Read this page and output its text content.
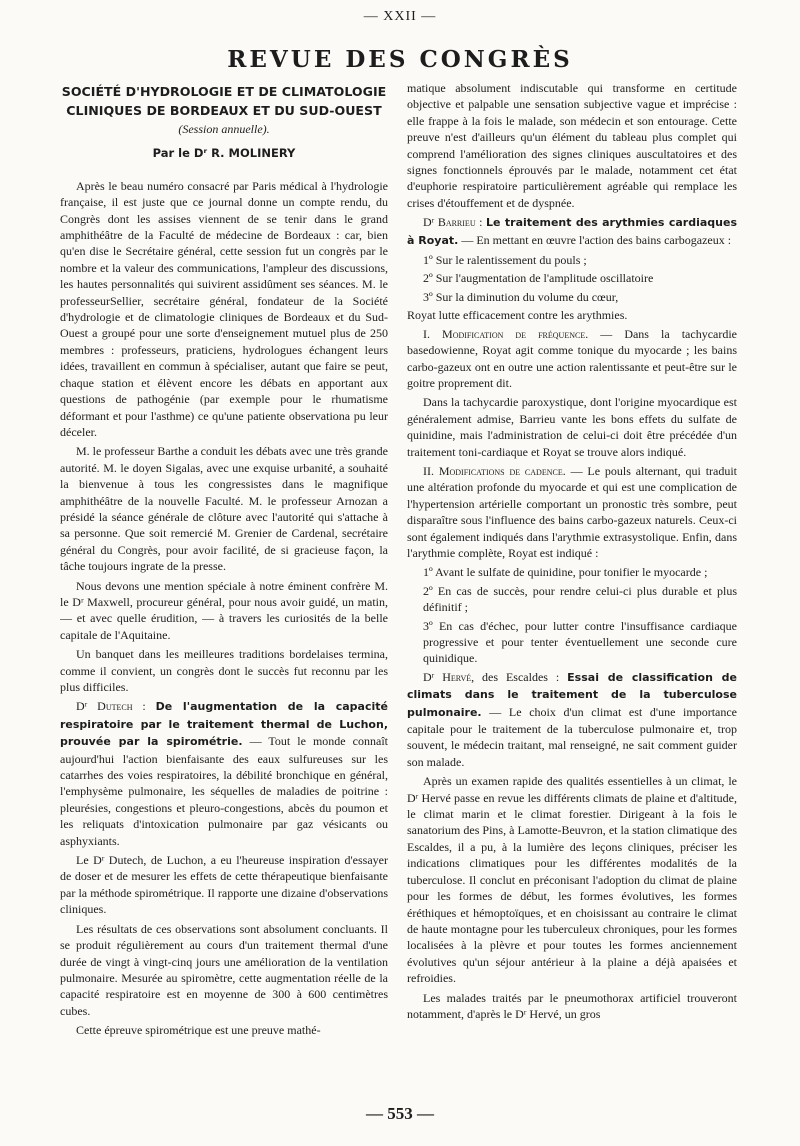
— XXII —
REVUE DES CONGRÈS
SOCIÉTÉ D'HYDROLOGIE ET DE CLIMATOLOGIE
CLINIQUES DE BORDEAUX ET DU SUD-OUEST
(Session annuelle).
Par le Dʳ R. MOLINERY

Après le beau numéro consacré par Paris médical à l'hydrologie française, il est juste que ce journal donne un compte rendu, du Congrès dont les assises viennent de se tenir dans le grand amphithéâtre de la Faculté de médecine de Bordeaux : car, bien qu'en dise le Secrétaire général, cette session fut un congrès par le nombre et la valeur des communications, l'ampleur des discussions, les hautes personnalités qui suivirent assidûment ses séances. M. le professeurSellier, secrétaire général, fondateur de la Société d'hydrologie et de climatologie cliniques de Bordeaux et du Sud-Ouest a groupé pour une sorte d'enseignement mutuel plus de 250 membres : professeurs, praticiens, hydrologues échangent leurs idées, travaillent en commun à spécialiser, autant que faire se peut, chaque station et élèvent encore les débats en apportant aux questions de pathogénie (par exemple pour le rhumatisme déformant et pour l'asthme) ce qu'une patiente observationa pu leur déceler.

M. le professeur Barthe a conduit les débats avec une très grande autorité. M. le doyen Sigalas, avec une exquise urbanité, a souhaité la bienvenue à tous les congressistes dans le magnifique amphithéâtre de la nouvelle Faculté. M. le professeur Arnozan a présidé la séance générale de clôture avec l'autorité qui s'attache à sa personne. Que soit remercié M. Grenier de Cardenal, secrétaire général du Congrès, pour avoir facilité, de si gracieuse façon, la tâche toujours ingrate de la presse.

Nous devons une mention spéciale à notre éminent confrère M. le Dʳ Maxwell, procureur général, pour nous avoir guidé, un matin, — et avec quelle érudition, — à travers les curiosités de la belle capitale de l'Aquitaine.

Un banquet dans les meilleures traditions bordelaises termina, comme il convient, un congrès dont le succès fut reconnu par les plus difficiles.

Dʳ Dutech : De l'augmentation de la capacité respiratoire par le traitement thermal de Luchon, prouvée par la spirométrie. — Tout le monde connaît aujourd'hui l'action bienfaisante des eaux sulfureuses sur les catarrhes des voies respiratoires, la débilité bronchique en général, l'emphysème pulmonaire, les séquelles de maladies de poitrine : pleurésies, congestions et pleuro-congestions, abcès du poumon et les reliquats d'intoxication pulmonaire par gaz vésicants ou asphyxiants.

Le Dʳ Dutech, de Luchon, a eu l'heureuse inspiration d'essayer de doser et de mesurer les effets de cette thérapeutique bienfaisante par la méthode spirométrique. Il rapporte une dizaine d'observations cliniques.

Les résultats de ces observations sont absolument concluants. Il se produit régulièrement au cours d'un traitement thermal d'une durée de vingt à vingt-cinq jours une amélioration de la ventilation pulmonaire. Mesurée au spiromètre, cette augmentation réelle de la capacité respiratoire est en moyenne de 300 à 600 centimètres cubes.

Cette épreuve spirométrique est une preuve mathé-

matique absolument indiscutable qui transforme en certitude objective et palpable une sensation subjective vague et imprécise : elle frappe à la fois le malade, son médecin et son entourage. Cette preuve n'est d'ailleurs qu'un élément du tableau plus complet qui comprend l'amélioration des signes cliniques auscultatoires et des signes fonctionnels éprouvés par le malade, notamment cet état d'euphorie respiratoire particulièrement agréable qui remplace les crises d'étouffement et de dyspnée.

Dʳ Barrieu : Le traitement des arythmies cardiaques à Royat. — En mettant en œuvre l'action des bains carbogazeux :

1º Sur le ralentissement du pouls ;

2º Sur l'augmentation de l'amplitude oscillatoire

3º Sur la diminution du volume du cœur,

Royat lutte efficacement contre les arythmies.

I. Modification de fréquence. — Dans la tachycardie basedowienne, Royat agit comme tonique du myocarde ; les bains carbo-gazeux ont en outre une action ralentissante et peut-être sur le goitre proprement dit.

Dans la tachycardie paroxystique, dont l'origine myocardique est généralement admise, Barrieu vante les bons effets du sulfate de quinidine, mais l'administration de celui-ci doit être précédée d'un traitement toni-cardiaque et Royat se trouve alors indiqué.

II. Modifications de cadence. — Le pouls alternant, qui traduit une altération profonde du myocarde et qui est une complication de l'hypertension artérielle comportant un pronostic très sombre, peut disparaître sous l'influence des bains carbo-gazeux naturels. Ceux-ci sont également indiqués dans l'arythmie extrasystolique. Enfin, dans l'arythmie complète, Royat est indiqué :

1º Avant le sulfate de quinidine, pour tonifier le myocarde ;

2º En cas de succès, pour rendre celui-ci plus durable et plus définitif ;

3º En cas d'échec, pour lutter contre l'insuffisance cardiaque progressive et pour tenter éventuellement une seconde cure quinidique.

Dʳ Hervé, des Escaldes : Essai de classification de climats dans le traitement de la tuberculose pulmonaire. — Le choix d'un climat est d'une importance capitale pour le traitement de la tuberculose pulmonaire et, trop souvent, le médecin traitant, mal renseigné, ne sait comment guider son malade.

Après un examen rapide des qualités essentielles à un climat, le Dʳ Hervé passe en revue les différents climats de plaine et d'altitude, le climat marin et le climat forestier. Dirigeant à la fois le sanatorium des Pins, à Lamotte-Beuvron, et la station climatique des Escaldes, il a pu, à la lumière des leçons cliniques, préciser les indications climatiques pour les différentes modalités de la tuberculose. Il conclut en préconisant l'adoption du climat de plaine pour les formes de début, les formes évolutives, les formes éréthiques et hémoptoïques, et en choisissant au contraire le climat de haute montagne pour les tuberculeux chroniques, pour les formes localisées à la plèvre et pour toutes les formes anciennement évolutives qu'un séjour antérieur à la plaine a déjà apaisées et refroidies.

Les malades traités par le pneumothorax artificiel trouveront notamment, d'après le Dʳ Hervé, un gros

— 553 —
